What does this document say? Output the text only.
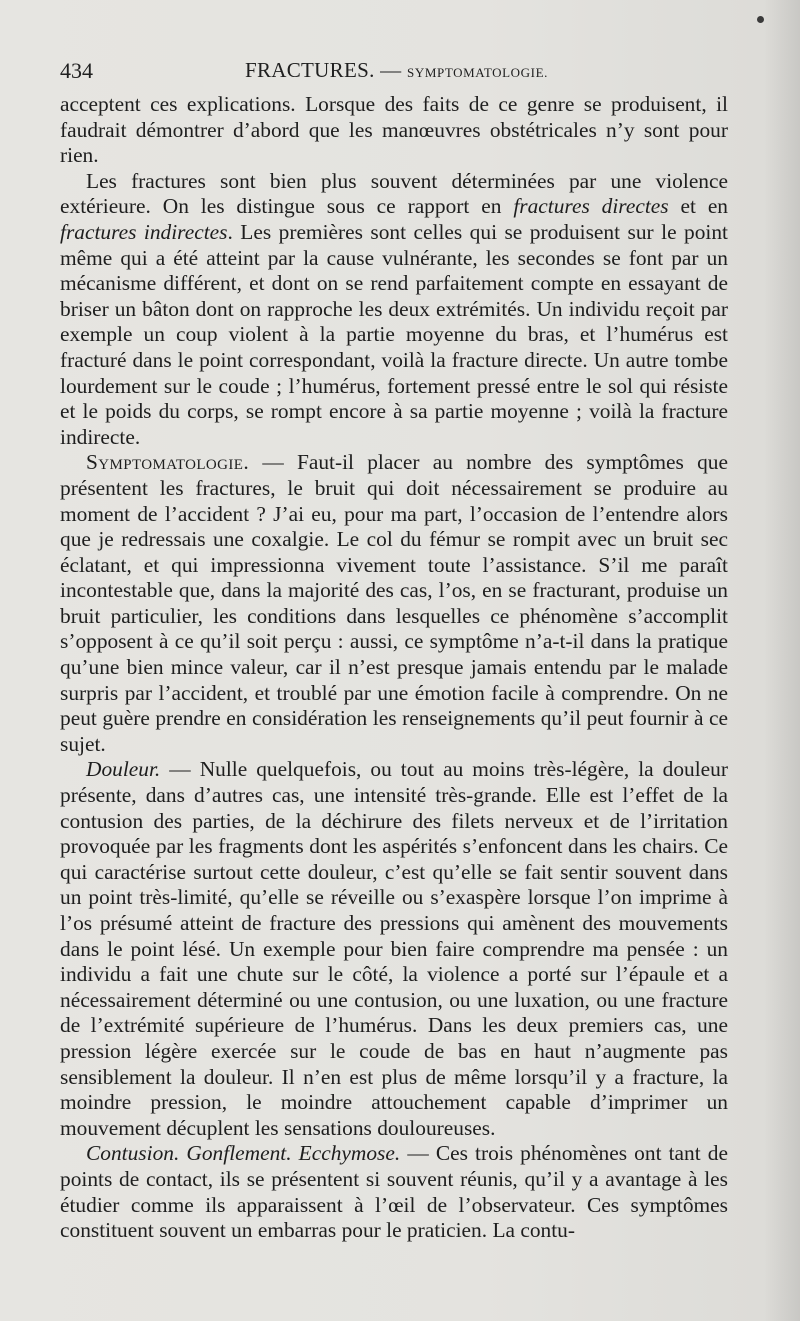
434	FRACTURES. — SYMPTOMATOLOGIE.

acceptent ces explications. Lorsque des faits de ce genre se produisent, il faudrait démontrer d’abord que les manœuvres obstétricales n’y sont pour rien.

Les fractures sont bien plus souvent déterminées par une violence extérieure. On les distingue sous ce rapport en fractures directes et en fractures indirectes. Les premières sont celles qui se produisent sur le point même qui a été atteint par la cause vulnérante, les secondes se font par un mécanisme différent, et dont on se rend parfaitement compte en essayant de briser un bâton dont on rapproche les deux extrémités. Un individu reçoit par exemple un coup violent à la partie moyenne du bras, et l’humérus est fracturé dans le point correspondant, voilà la fracture directe. Un autre tombe lourdement sur le coude ; l’humérus, fortement pressé entre le sol qui résiste et le poids du corps, se rompt encore à sa partie moyenne ; voilà la fracture indirecte.

Symptomatologie. — Faut-il placer au nombre des symptômes que présentent les fractures, le bruit qui doit nécessairement se produire au moment de l’accident ? J’ai eu, pour ma part, l’occasion de l’entendre alors que je redressais une coxalgie. Le col du fémur se rompit avec un bruit sec éclatant, et qui impressionna vivement toute l’assistance. S’il me paraît incontestable que, dans la majorité des cas, l’os, en se fracturant, produise un bruit particulier, les conditions dans lesquelles ce phénomène s’accomplit s’opposent à ce qu’il soit perçu : aussi, ce symptôme n’a-t-il dans la pratique qu’une bien mince valeur, car il n’est presque jamais entendu par le malade surpris par l’accident, et troublé par une émotion facile à comprendre. On ne peut guère prendre en considération les renseignements qu’il peut fournir à ce sujet.

Douleur. — Nulle quelquefois, ou tout au moins très-légère, la douleur présente, dans d’autres cas, une intensité très-grande. Elle est l’effet de la contusion des parties, de la déchirure des filets nerveux et de l’irritation provoquée par les fragments dont les aspérités s’enfoncent dans les chairs. Ce qui caractérise surtout cette douleur, c’est qu’elle se fait sentir souvent dans un point très-limité, qu’elle se réveille ou s’exaspère lorsque l’on imprime à l’os présumé atteint de fracture des pressions qui amènent des mouvements dans le point lésé. Un exemple pour bien faire comprendre ma pensée : un individu a fait une chute sur le côté, la violence a porté sur l’épaule et a nécessairement déterminé ou une contusion, ou une luxation, ou une fracture de l’extrémité supérieure de l’humérus. Dans les deux premiers cas, une pression légère exercée sur le coude de bas en haut n’augmente pas sensiblement la douleur. Il n’en est plus de même lorsqu’il y a fracture, la moindre pression, le moindre attouchement capable d’imprimer un mouvement décuplent les sensations douloureuses.

Contusion. Gonflement. Ecchymose. — Ces trois phénomènes ont tant de points de contact, ils se présentent si souvent réunis, qu’il y a avantage à les étudier comme ils apparaissent à l’œil de l’observateur. Ces symptômes constituent souvent un embarras pour le praticien. La contu-
